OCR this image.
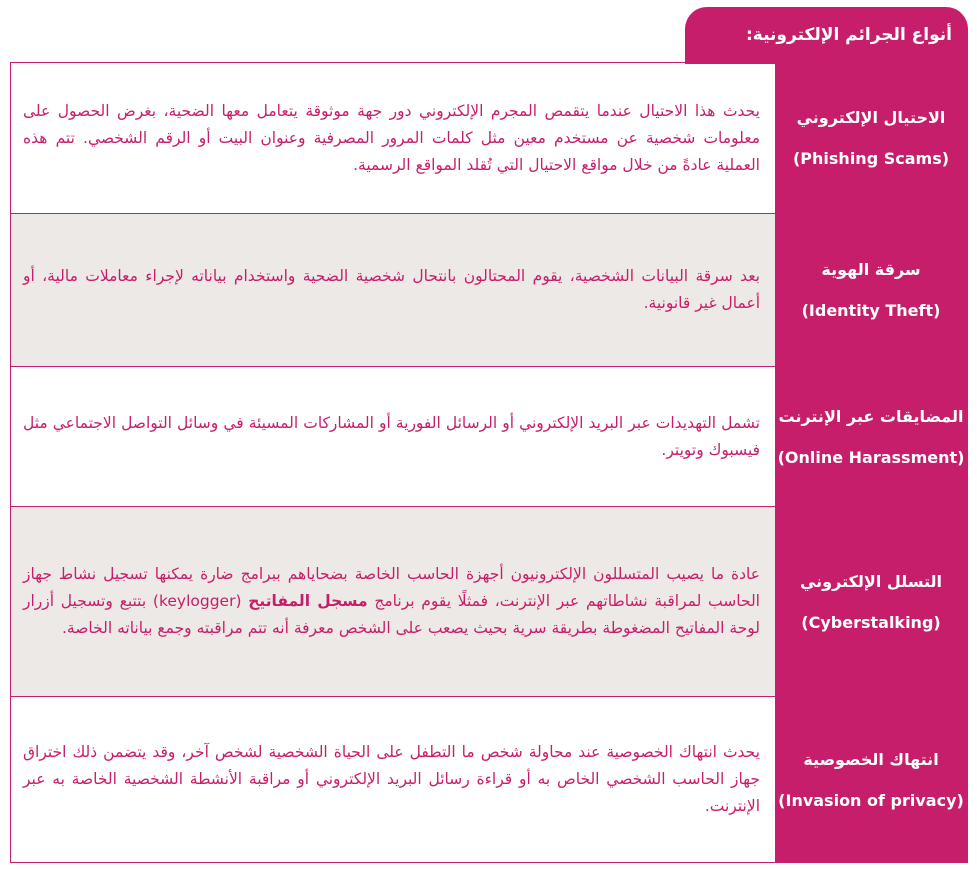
أنواع الجرائم الإلكترونية:
الاحتيال الإلكتروني
(Phishing Scams)

يحدث هذا الاحتيال عندما يتقمص المجرم الإلكتروني دور جهة موثوقة يتعامل معها الضحية، بغرض الحصول على معلومات شخصية عن مستخدم معين مثل كلمات المرور المصرفية وعنوان البيت أو الرقم الشخصي. تتم هذه العملية عادةً من خلال مواقع الاحتيال التي تُقلد المواقع الرسمية.

سرقة الهوية
(Identity Theft)

بعد سرقة البيانات الشخصية، يقوم المحتالون بانتحال شخصية الضحية واستخدام بياناته لإجراء معاملات مالية، أو أعمال غير قانونية.

المضايقات عبر الإنترنت
(Online Harassment)

تشمل التهديدات عبر البريد الإلكتروني أو الرسائل الفورية أو المشاركات المسيئة في وسائل التواصل الاجتماعي مثل فيسبوك وتويتر.

التسلل الإلكتروني
(Cyberstalking)

عادة ما يصيب المتسللون الإلكترونيون أجهزة الحاسب الخاصة بضحاياهم ببرامج ضارة يمكنها تسجيل نشاط جهاز الحاسب لمراقبة نشاطاتهم عبر الإنترنت، فمثلًا يقوم برنامج مسجل المفاتيح (keylogger) بتتبع وتسجيل أزرار لوحة المفاتيح المضغوطة بطريقة سرية بحيث يصعب على الشخص معرفة أنه تتم مراقبته وجمع بياناته الخاصة.

انتهاك الخصوصية
(Invasion of privacy)

يحدث انتهاك الخصوصية عند محاولة شخص ما التطفل على الحياة الشخصية لشخص آخر، وقد يتضمن ذلك اختراق جهاز الحاسب الشخصي الخاص به أو قراءة رسائل البريد الإلكتروني أو مراقبة الأنشطة الشخصية الخاصة به عبر الإنترنت.
